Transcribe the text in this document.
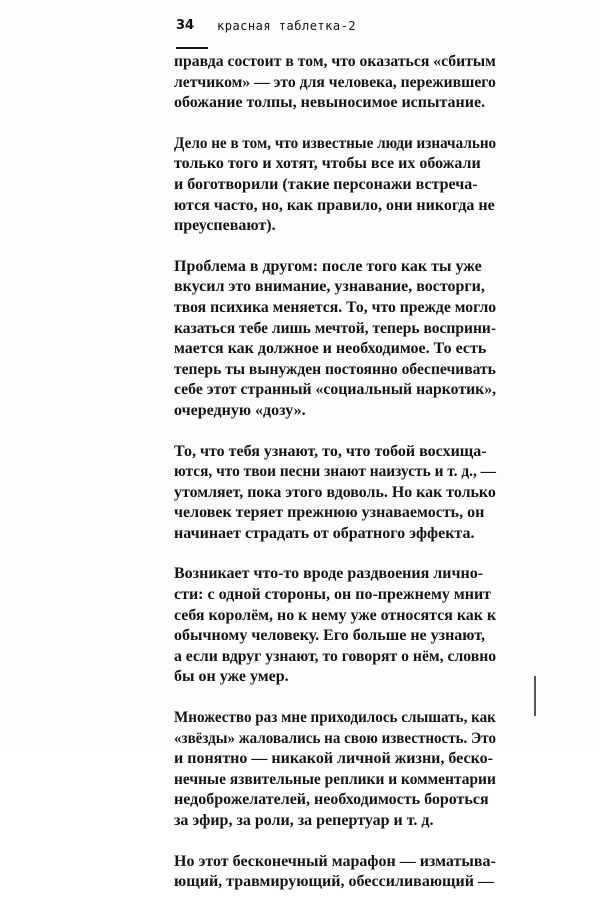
34 красная таблетка-2

правда состоит в том, что оказаться «сбитым
летчиком» — это для человека, пережившего
обожание толпы, невыносимое испытание.

Дело не в том, что известные люди изначально
только того и хотят, чтобы все их обожали
и боготворили (такие персонажи встреча-
ются часто, но, как правило, они никогда не
преуспевают).

Проблема в другом: после того как ты уже
вкусил это внимание, узнавание, восторги,
твоя психика меняется. То, что прежде могло
казаться тебе лишь мечтой, теперь восприни-
мается как должное и необходимое. То есть
теперь ты вынужден постоянно обеспечивать
себе этот странный «социальный наркотик»,
очередную «дозу».

То, что тебя узнают, то, что тобой восхища-
ются, что твои песни знают наизусть и т. д., —
утомляет, пока этого вдоволь. Но как только
человек теряет прежнюю узнаваемость, он
начинает страдать от обратного эффекта.

Возникает что-то вроде раздвоения лично-
сти: с одной стороны, он по-прежнему мнит
себя королём, но к нему уже относятся как к
обычному человеку. Его больше не узнают,
а если вдруг узнают, то говорят о нём, словно
бы он уже умер.

Множество раз мне приходилось слышать, как
«звёзды» жаловались на свою известность. Это
и понятно — никакой личной жизни, беско-
нечные язвительные реплики и комментарии
недоброжелателей, необходимость бороться
за эфир, за роли, за репертуар и т. д.

Но этот бесконечный марафон — изматыва-
ющий, травмирующий, обессиливающий —
